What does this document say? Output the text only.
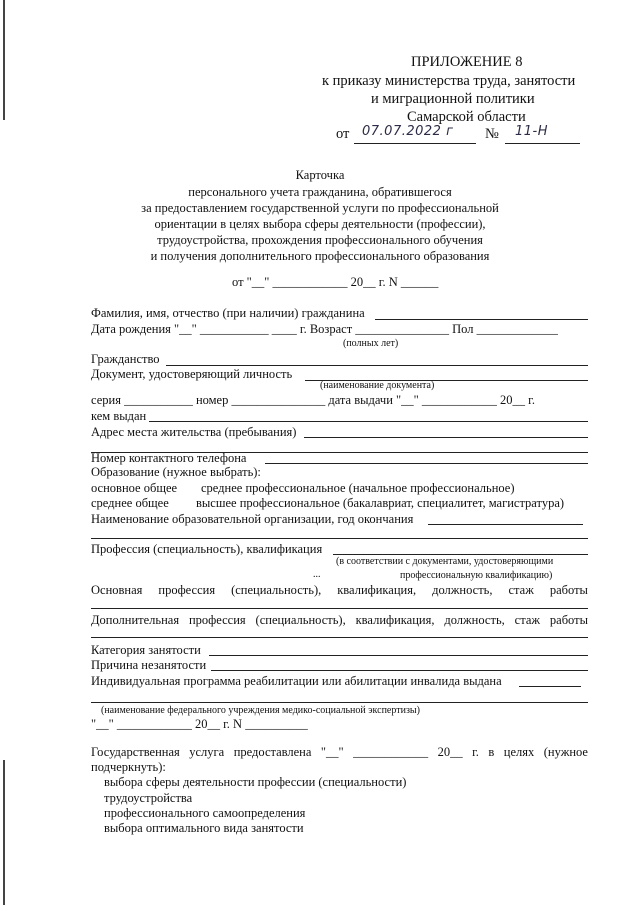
ПРИЛОЖЕНИЕ 8
к приказу министерства труда, занятости
и миграционной политики
Самарской области
от 07.07.2022 г № 11-Н
Карточка
персонального учета гражданина, обратившегося
за предоставлением государственной услуги по профессиональной
ориентации в целях выбора сферы деятельности (профессии),
трудоустройства, прохождения профессионального обучения
и получения дополнительного профессионального образования
от "__" ____________ 20__ г. N ______
Фамилия, имя, отчество (при наличии) гражданина
Дата рождения "__" ___________ ____ г. Возраст _______________ Пол _____________
(полных лет)
Гражданство
Документ, удостоверяющий личность
(наименование документа)
серия ___________ номер _______________ дата выдачи "__" ____________ 20__ г.
кем выдан
Адрес места жительства (пребывания)
Номер контактного телефона
Образование (нужное выбрать):
основное общее среднее профессиональное (начальное профессиональное)
среднее общее высшее профессиональное (бакалавриат, специалитет, магистратура)
Наименование образовательной организации, год окончания
Профессия (специальность), квалификация
(в соответствии с документами, удостоверяющими
...	профессиональную квалификацию)
Основная профессия (специальность), квалификация, должность, стаж работы
Дополнительная профессия (специальность), квалификация, должность, стаж работы
Категория занятости
Причина незанятости
Индивидуальная программа реабилитации или абилитации инвалида выдана
(наименование федерального учреждения медико-социальной экспертизы)
"__" ____________ 20__ г. N __________
Государственная услуга предоставлена "__" ____________ 20__ г. в целях (нужное
подчеркнуть):
выбора сферы деятельности профессии (специальности)
трудоустройства
профессионального самоопределения
выбора оптимального вида занятости
